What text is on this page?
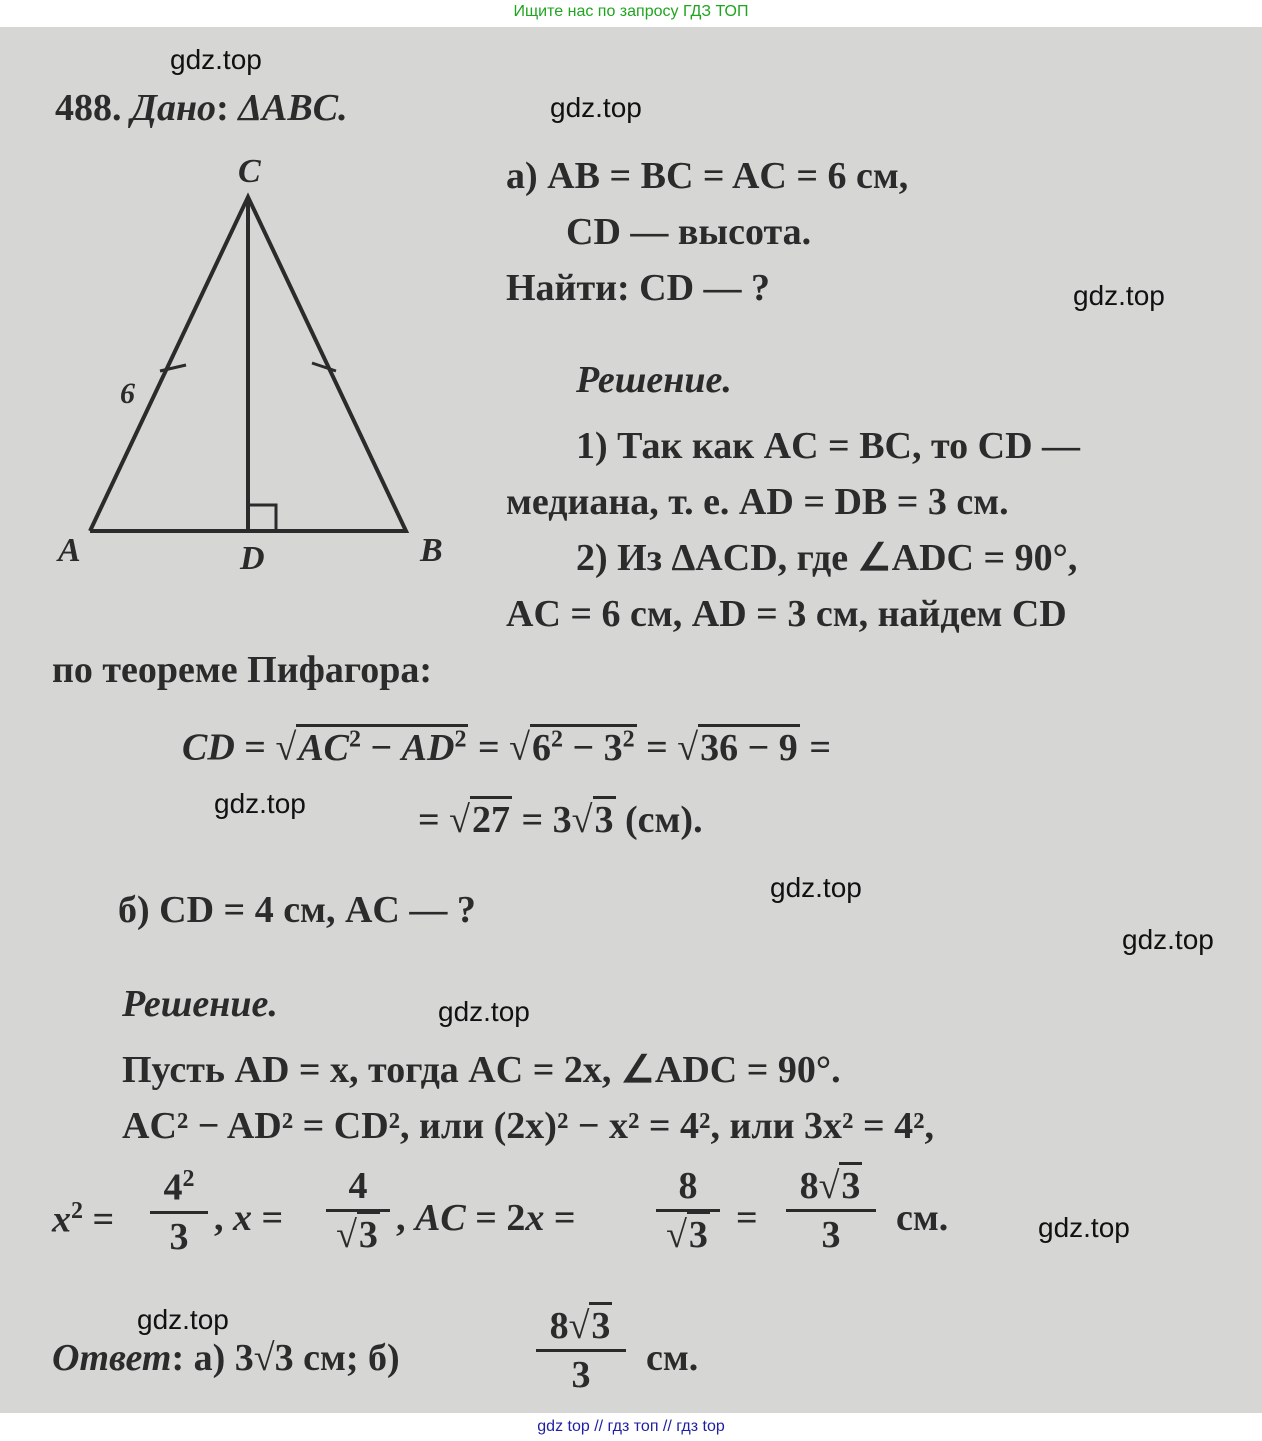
Ищите нас по запросу ГДЗ ТОП
gdz.top
gdz.top
gdz.top
gdz.top
gdz.top
gdz.top
gdz.top
gdz.top
gdz.top
488. Дано: ΔABC.
C
A	B
D
6
а) AB = BC = AC = 6 см,
CD — высота.
Найти: CD — ?
Решение.
1) Так как AC = BC, то CD —
медиана, т. е. AD = DB = 3 см.
2) Из ΔACD, где ∠ADC = 90°,
AC = 6 см, AD = 3 см, найдем CD
по теореме Пифагора:
CD = $√AC^2 - AD^2 = √6^2 - 3^2 = √36 - 9$ =
= √27 = 3√3 (см).
б) CD = 4 см, AC — ?
Решение.
Пусть AD = x, тогда AC = 2x, ∠ADC = 90°.
AC² − AD² = CD², или (2x)² − x² = 4², или 3x² = 4²,
$x^2 = \frac{4^2}{3}$ , $x = \frac{4}{√3}$ , AC = $2x = \frac{8}{√3} = \frac{8√3}{3}$ см.
Ответ: а) 3√3 см; б)	$\frac{8√3}{3}$ см.
gdz top // гдз топ // гдз top
